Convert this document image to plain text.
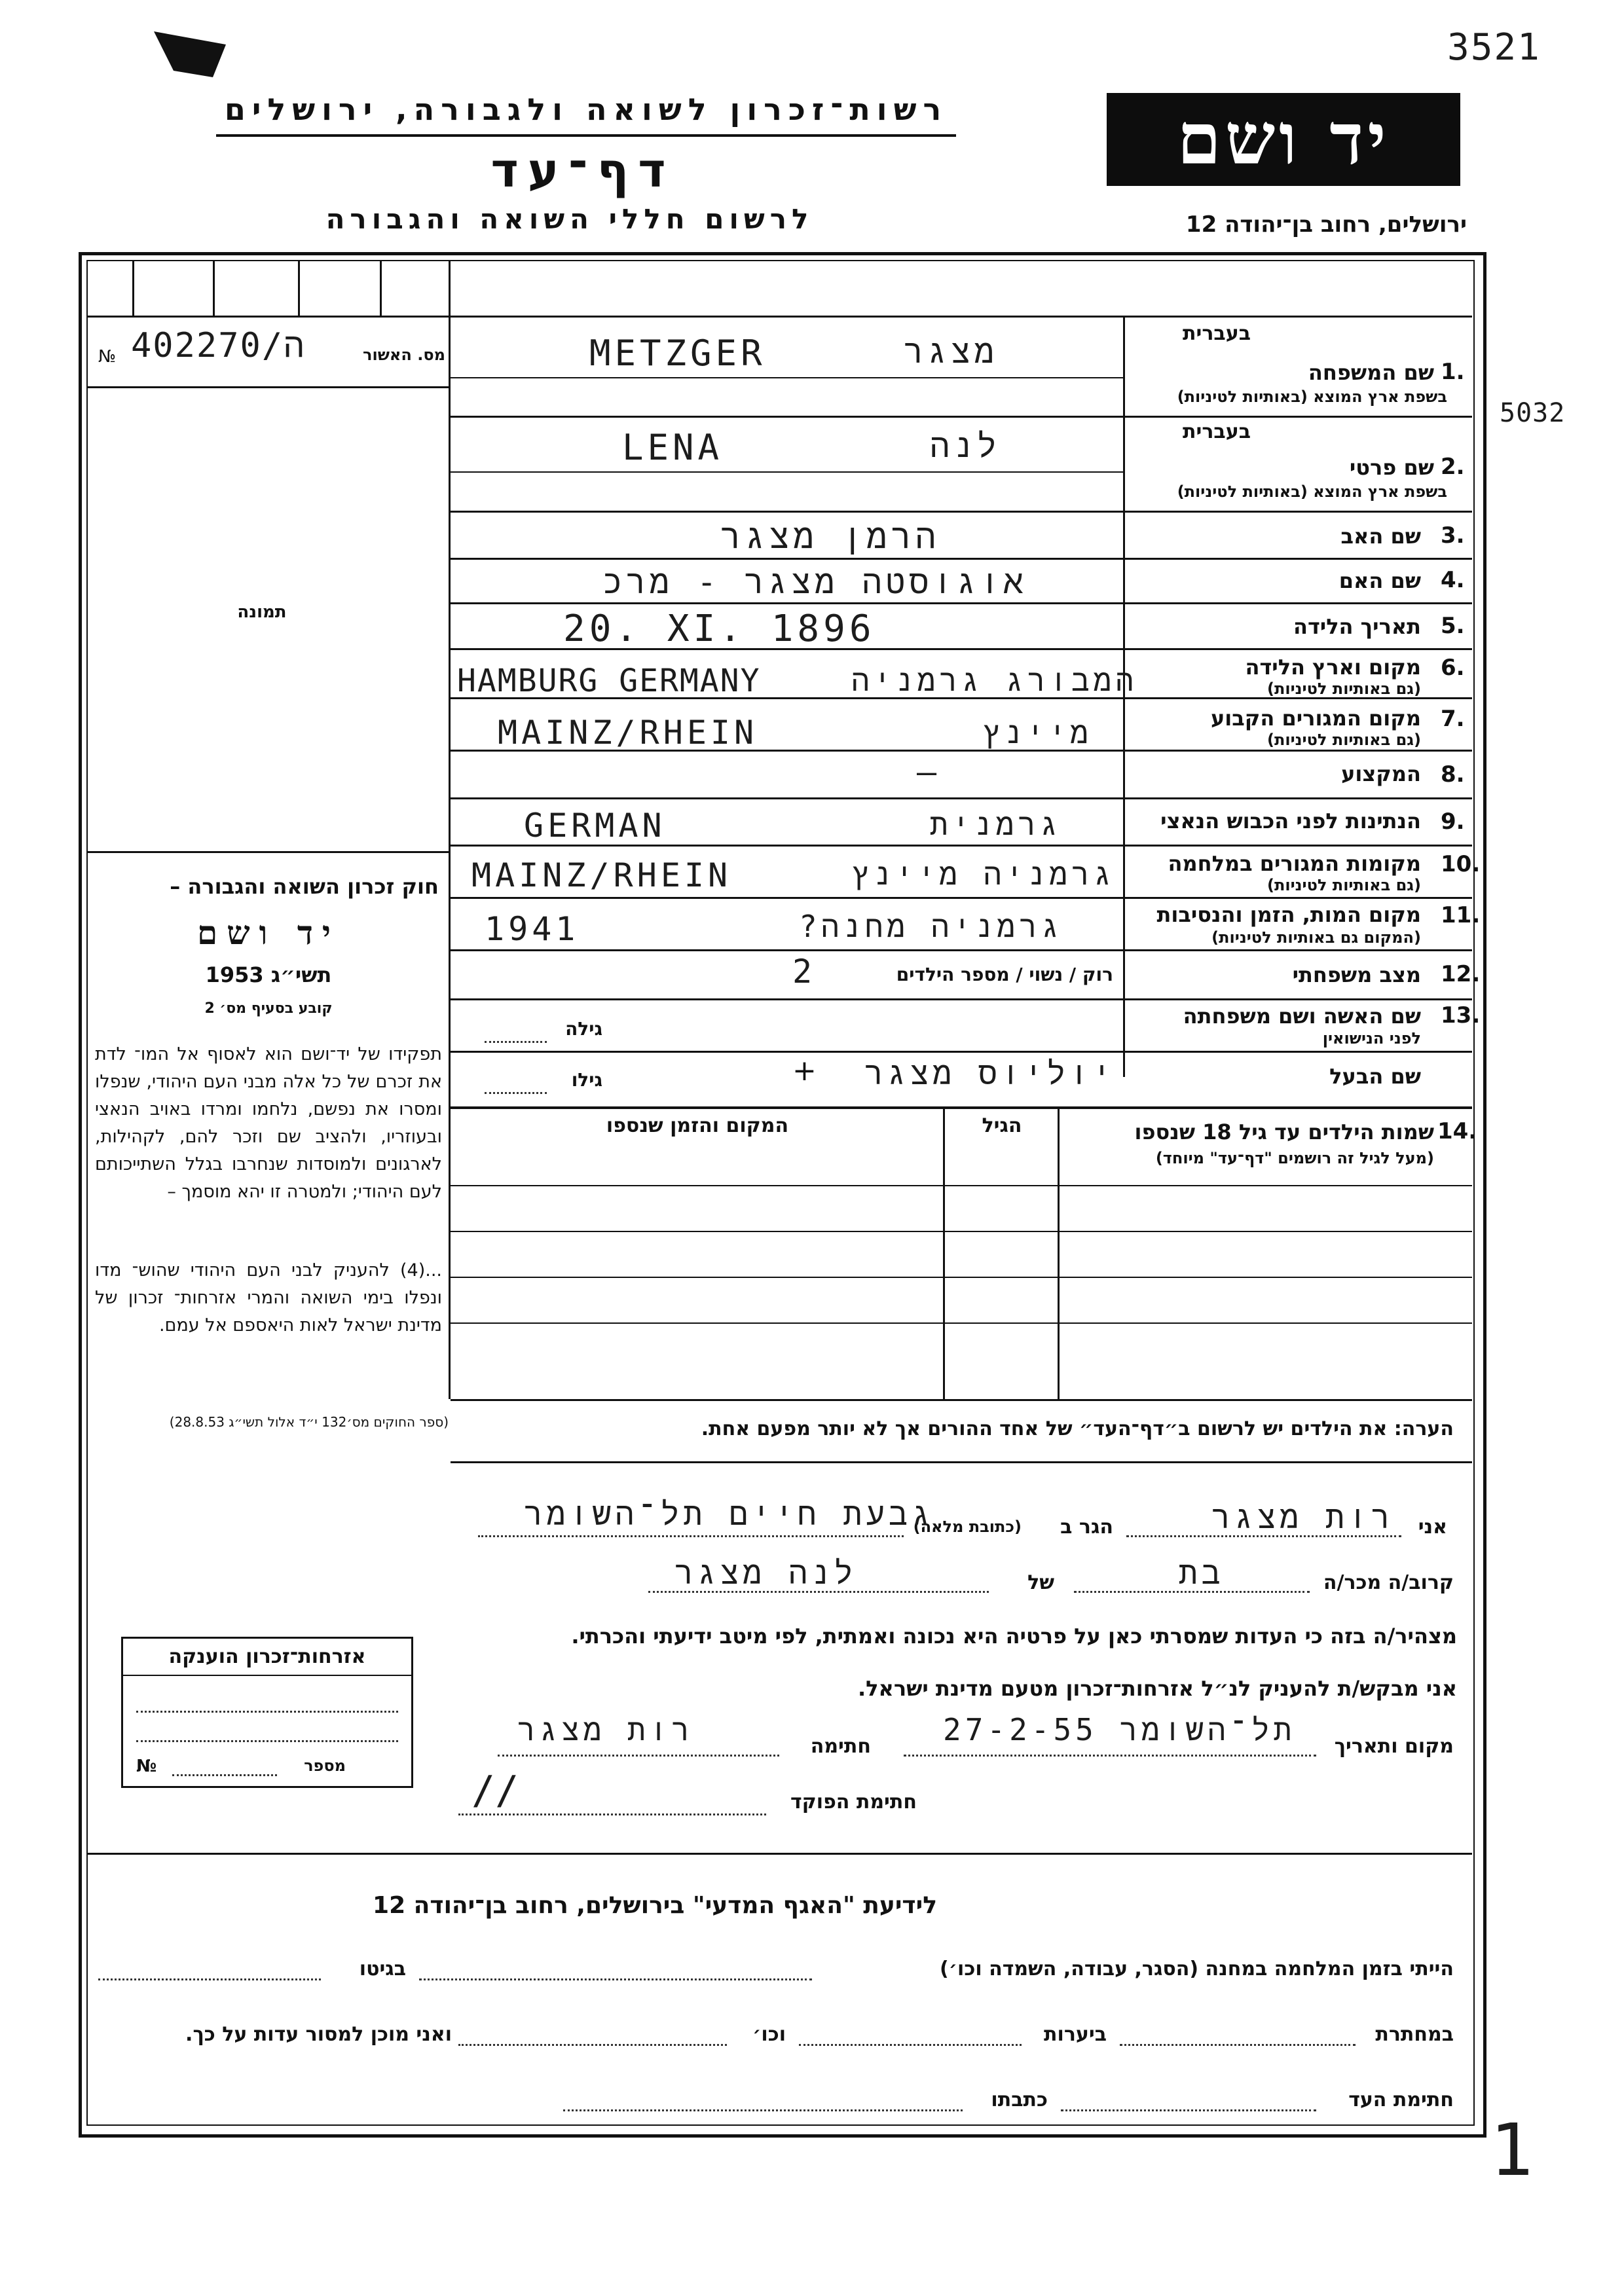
3521
5032
1
רשות־זכרון לשואה ולגבורה, ירושלים
דף־עד
לרשום חללי השואה והגבורה
יד ושם
ירושלים, רחוב בן־יהודה 12
№ 402270/ה	מס. האשור
תמונה
חוק זכרון השואה והגבורה –
יד ושם
תשי״ג 1953
קובע בסעיף מס׳ 2
תפקידו של יד־ושם הוא לאסוף אל המו־ לדת את זכרם של כל אלה מבני העם היהודי, שנפלו ומסרו את נפשם, נלחמו ומרדו באויב הנאצי ובעוזריו, ולהציב שם וזכר להם, לקהילות, לארגונים ולמוסדות שנחרבו בגלל השתייכותם לעם היהודי; ולמטרה זו יהא מוסמך –
...(4) להעניק לבני העם היהודי שהוש־ מדו ונפלו בימי השואה והמרי אזרחות־ זכרון של מדינת ישראל לאות היאספם אל עמם.
(ספר החוקים מס׳132 י״ד אלול תשי״ג 28.8.53)
בעברית
שם המשפחה 1.
בשפת ארץ המוצא (באותיות לטיניות)
מצגר
METZGER
בעברית
שם פרטי 2.
בשפת ארץ המוצא (באותיות לטיניות)
לנה
LENA
שם האב 3.
הרמן מצגר
שם האם 4.
אוגוסטה מצגר - מרכ
תאריך הלידה 5.
20. XI. 1896
מקום וארץ הלידה 6.
(גם באותיות לטיניות)
המבורג גרמניה
HAMBURG GERMANY
מקום המגורים הקבוע 7.
(גם באותיות לטיניות)
מיינץ
MAINZ/RHEIN
המקצוע 8.
—
הנתינות לפני הכבוש הנאצי 9.
גרמנית
GERMAN
מקומות המגורים במלחמה 10.
(גם באותיות לטיניות)
גרמניה מיינץ
MAINZ/RHEIN
מקום המות, הזמן והנסיבות 11.
(המקום גם באותיות לטיניות)
גרמניה מחנה?
1941
מצב משפחתי 12.
רוק / נשוי / מספר הילדים
2
שם האשה ושם משפחתה 13.
לפני הנישואין
גילה
שם הבעל
יוליוס מצגר
+
גילו
שמות הילדים עד גיל 18 שנספו 14.
(מעל לגיל זה רושמים "דף־עד" מיוחד)
הגיל
המקום והזמן שנספו
הערה: את הילדים יש לרשום ב״דף־העד״ של אחד ההורים אך לא יותר מפעם אחת.
אני
רות מצגר
הגר ב
(כתובת מלאה)
גבעת חיים תל־השומר
קרוב/ה מכר/ה
בת
של
לנה מצגר
מצהיר/ה בזה כי העדות שמסרתי כאן על פרטיה היא נכונה ואמתית, לפי מיטב ידיעתי והכרתי.
אני מבקש/ת להעניק לנ״ל אזרחות־זכרון מטעם מדינת ישראל.
מקום ותאריך
תל־השומר 27-2-55
חתימה
רות מצגר
חתימת הפוקד
//
אזרחות־זכרון הוענקה
מספר
№
לידיעת "האגף המדעי" בירושלים, רחוב בן־יהודה 12
הייתי בזמן המלחמה במחנה (הסגר, עבודה, השמדה וכו׳)
בגיטו
במחתרת
ביערות
וכו׳
ואני מוכן למסור עדות על כך.
חתימת העד
כתבתו
